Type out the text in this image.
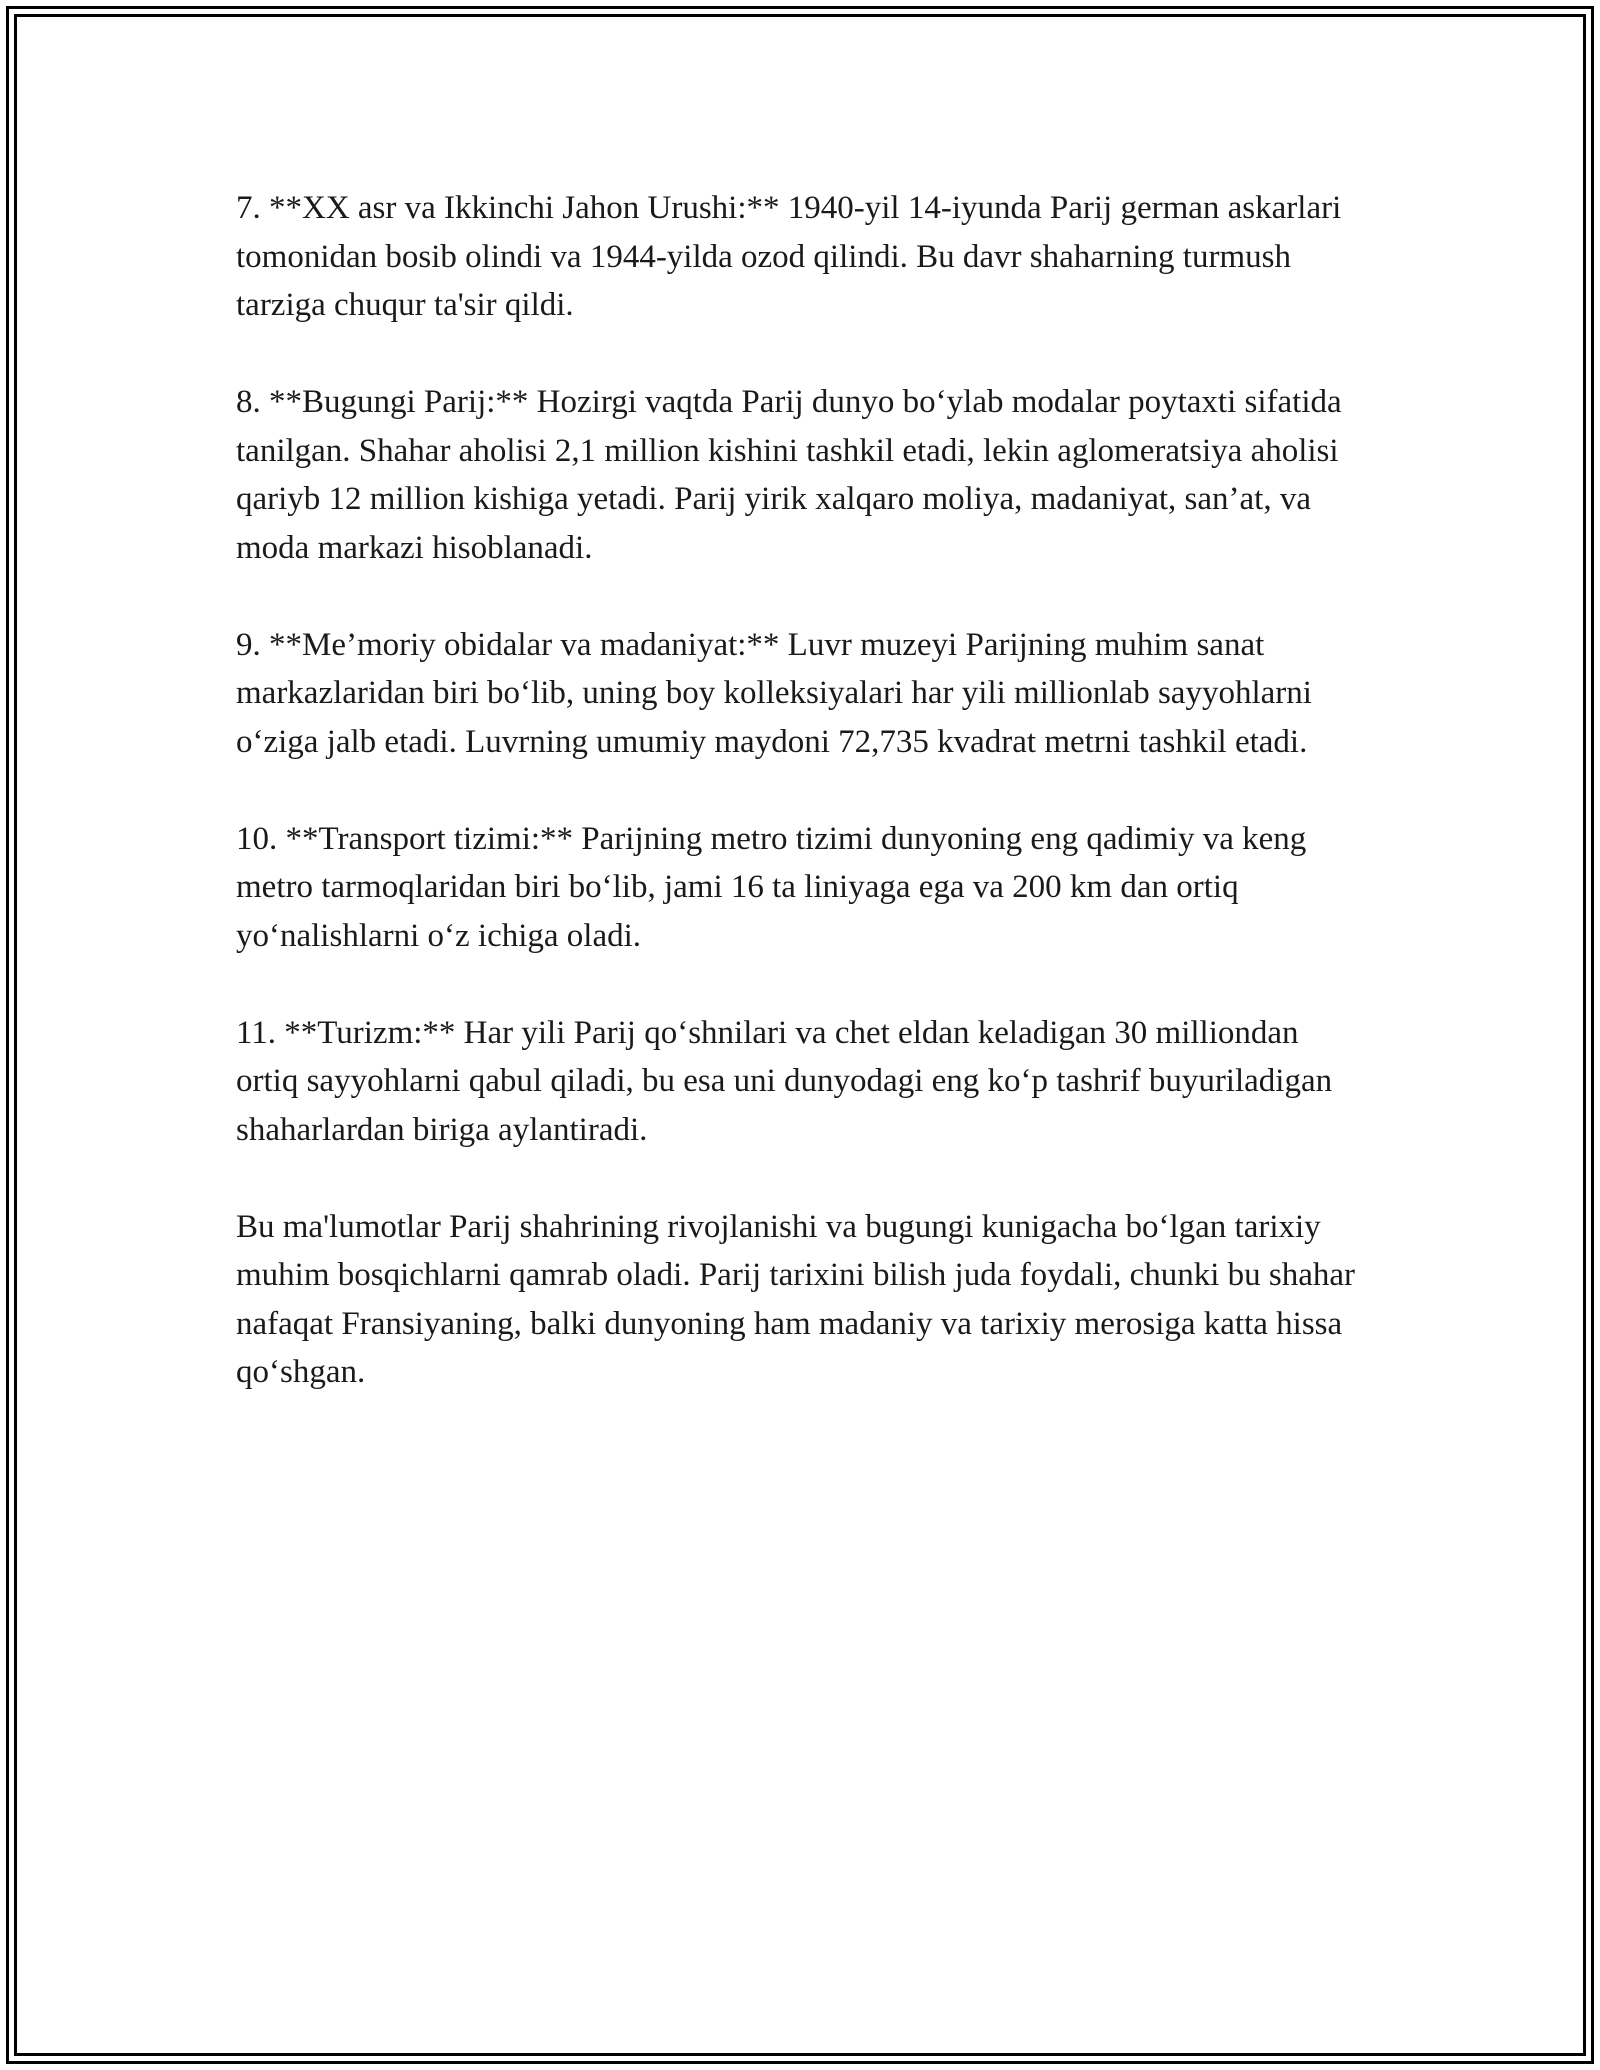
7. **XX asr va Ikkinchi Jahon Urushi:** 1940-yil 14-iyunda Parij german askarlari tomonidan bosib olindi va 1944-yilda ozod qilindi. Bu davr shaharning turmush tarziga chuqur ta'sir qildi.

8. **Bugungi Parij:** Hozirgi vaqtda Parij dunyo bo‘ylab modalar poytaxti sifatida tanilgan. Shahar aholisi 2,1 million kishini tashkil etadi, lekin aglomeratsiya aholisi qariyb 12 million kishiga yetadi. Parij yirik xalqaro moliya, madaniyat, san’at, va moda markazi hisoblanadi.

9. **Me’moriy obidalar va madaniyat:** Luvr muzeyi Parijning muhim sanat markazlaridan biri bo‘lib, uning boy kolleksiyalari har yili millionlab sayyohlarni o‘ziga jalb etadi. Luvrning umumiy maydoni 72,735 kvadrat metrni tashkil etadi.

10. **Transport tizimi:** Parijning metro tizimi dunyoning eng qadimiy va keng metro tarmoqlaridan biri bo‘lib, jami 16 ta liniyaga ega va 200 km dan ortiq yo‘nalishlarni o‘z ichiga oladi.

11. **Turizm:** Har yili Parij qo‘shnilari va chet eldan keladigan 30 milliondan ortiq sayyohlarni qabul qiladi, bu esa uni dunyodagi eng ko‘p tashrif buyuriladigan shaharlardan biriga aylantiradi.

Bu ma'lumotlar Parij shahrining rivojlanishi va bugungi kunigacha bo‘lgan tarixiy muhim bosqichlarni qamrab oladi. Parij tarixini bilish juda foydali, chunki bu shahar nafaqat Fransiyaning, balki dunyoning ham madaniy va tarixiy merosiga katta hissa qo‘shgan.
